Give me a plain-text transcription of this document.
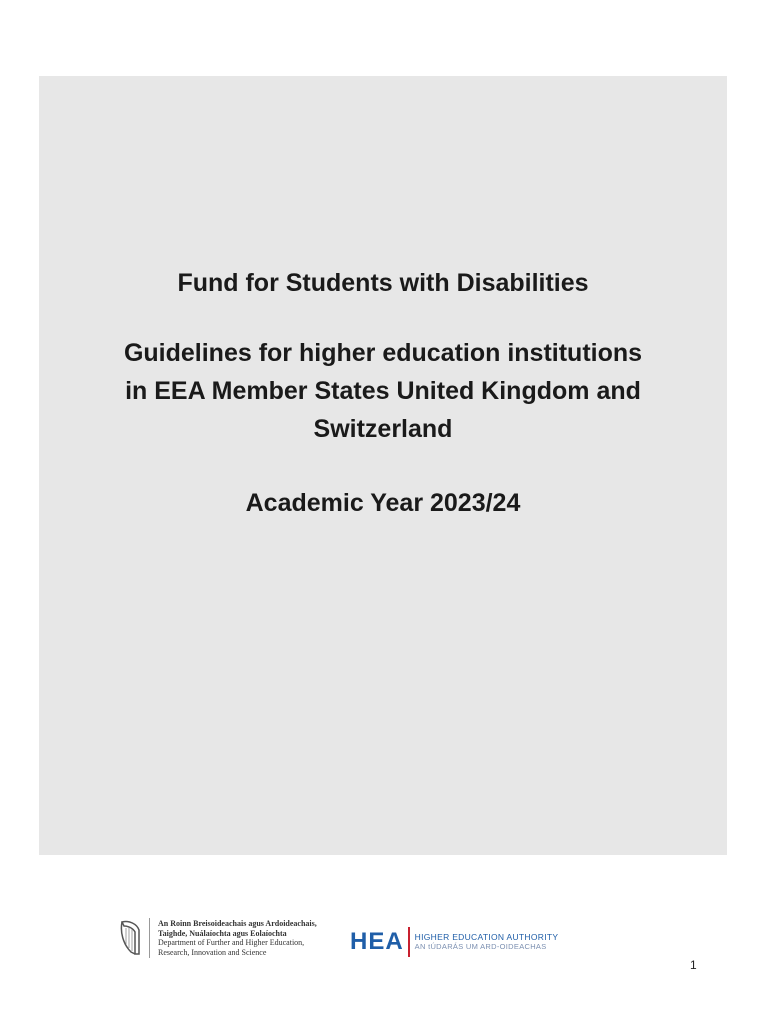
Fund for Students with Disabilities

Guidelines for higher education institutions
in EEA Member States United Kingdom and
Switzerland

Academic Year 2023/24

An Roinn Breisoideachais agus Ardoideachais,
Taighde, Nuálaíochta agus Eolaíochta
Department of Further and Higher Education,
Research, Innovation and Science	HEA HIGHER EDUCATION AUTHORITY
AN tÚDARÁS UM ARD-OIDEACHAS
1
